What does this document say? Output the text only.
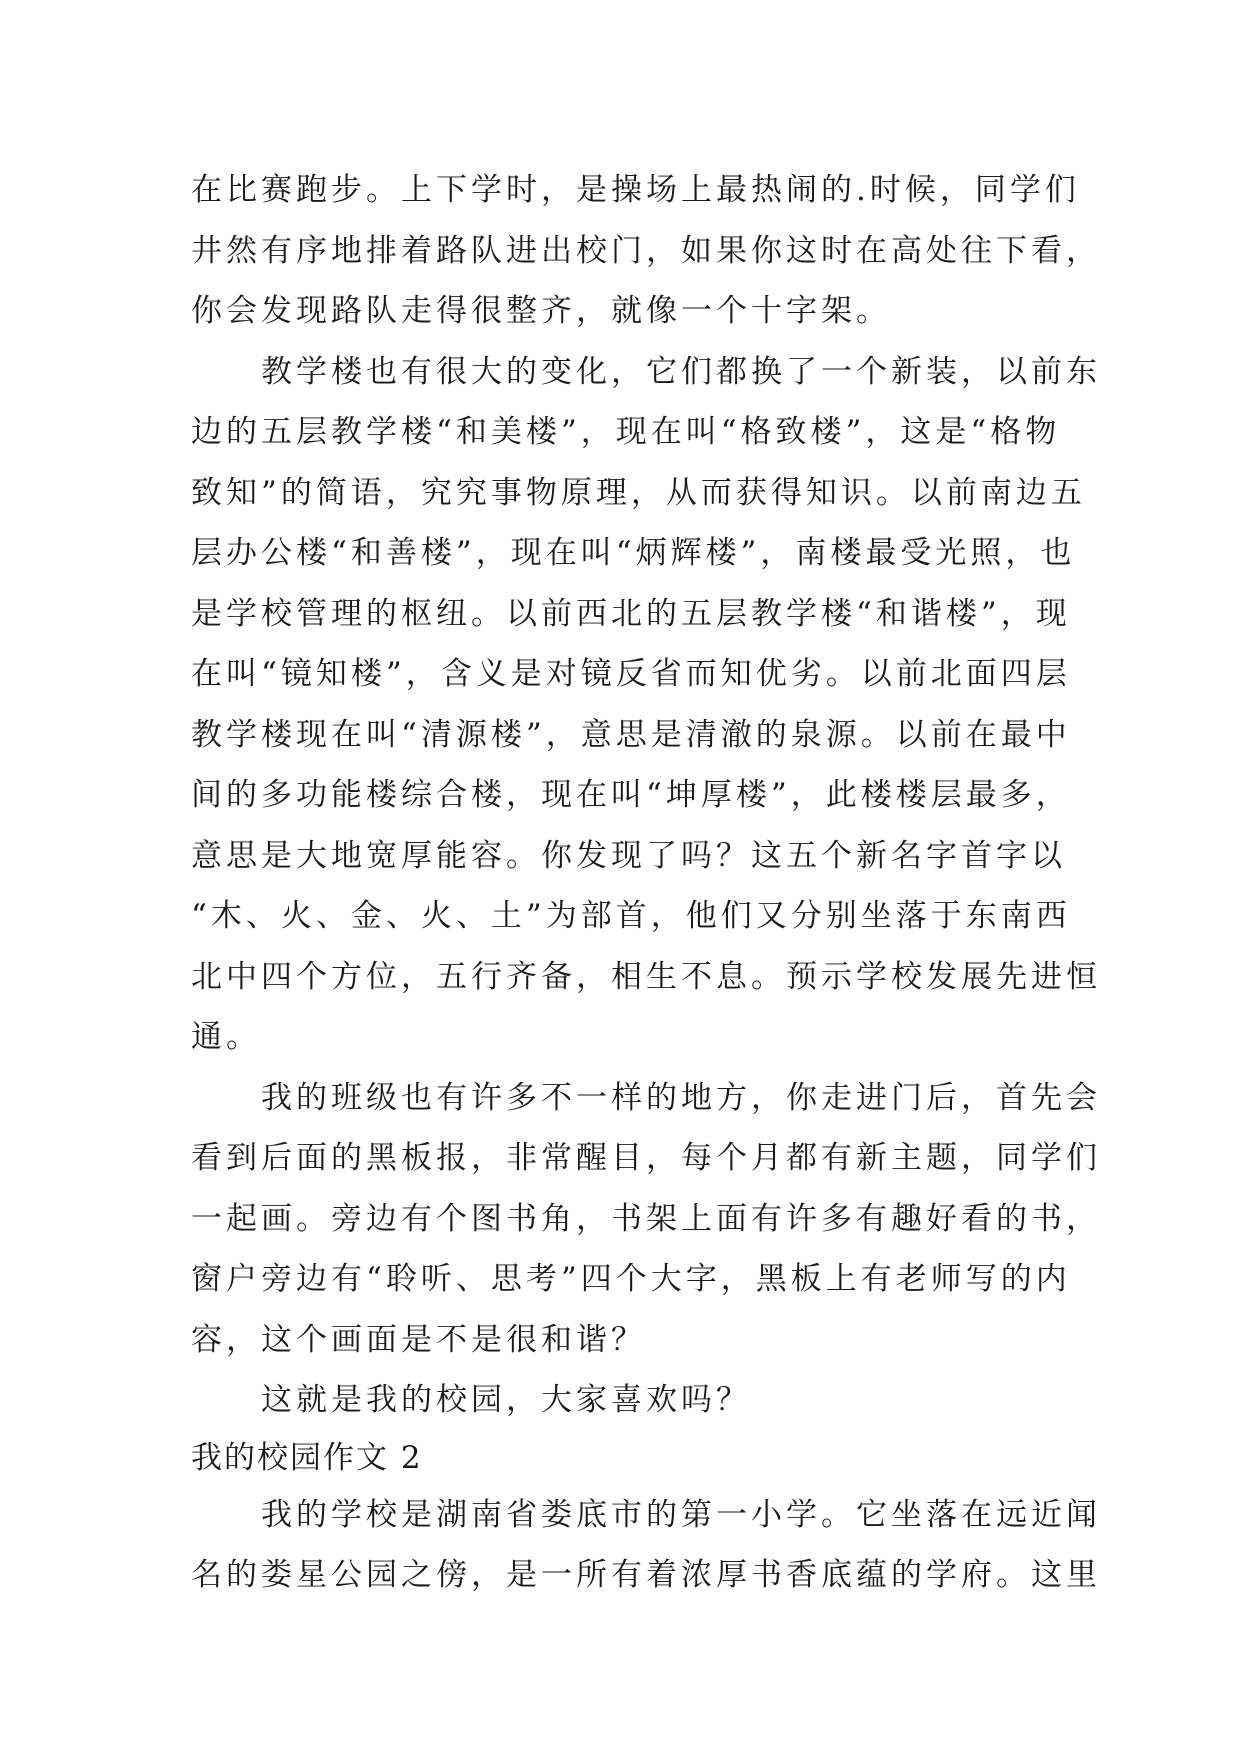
在比赛跑步。上下学时，是操场上最热闹的.时候，同学们
井然有序地排着路队进出校门，如果你这时在高处往下看，
你会发现路队走得很整齐，就像一个十字架。
　　教学楼也有很大的变化，它们都换了一个新装，以前东
边的五层教学楼“和美楼”，现在叫“格致楼”，这是“格物
致知”的简语，究究事物原理，从而获得知识。以前南边五
层办公楼“和善楼”，现在叫“炳辉楼”，南楼最受光照，也
是学校管理的枢纽。以前西北的五层教学楼“和谐楼”，现
在叫“镜知楼”，含义是对镜反省而知优劣。以前北面四层
教学楼现在叫“清源楼”，意思是清澈的泉源。以前在最中
间的多功能楼综合楼，现在叫“坤厚楼”，此楼楼层最多，
意思是大地宽厚能容。你发现了吗？这五个新名字首字以
“木、火、金、火、土”为部首，他们又分别坐落于东南西
北中四个方位，五行齐备，相生不息。预示学校发展先进恒
通。
　　我的班级也有许多不一样的地方，你走进门后，首先会
看到后面的黑板报，非常醒目，每个月都有新主题，同学们
一起画。旁边有个图书角，书架上面有许多有趣好看的书，
窗户旁边有“聆听、思考”四个大字，黑板上有老师写的内
容，这个画面是不是很和谐？
　　这就是我的校园，大家喜欢吗？
我的校园作文 2
　　我的学校是湖南省娄底市的第一小学。它坐落在远近闻
名的娄星公园之傍，是一所有着浓厚书香底蕴的学府。这里
